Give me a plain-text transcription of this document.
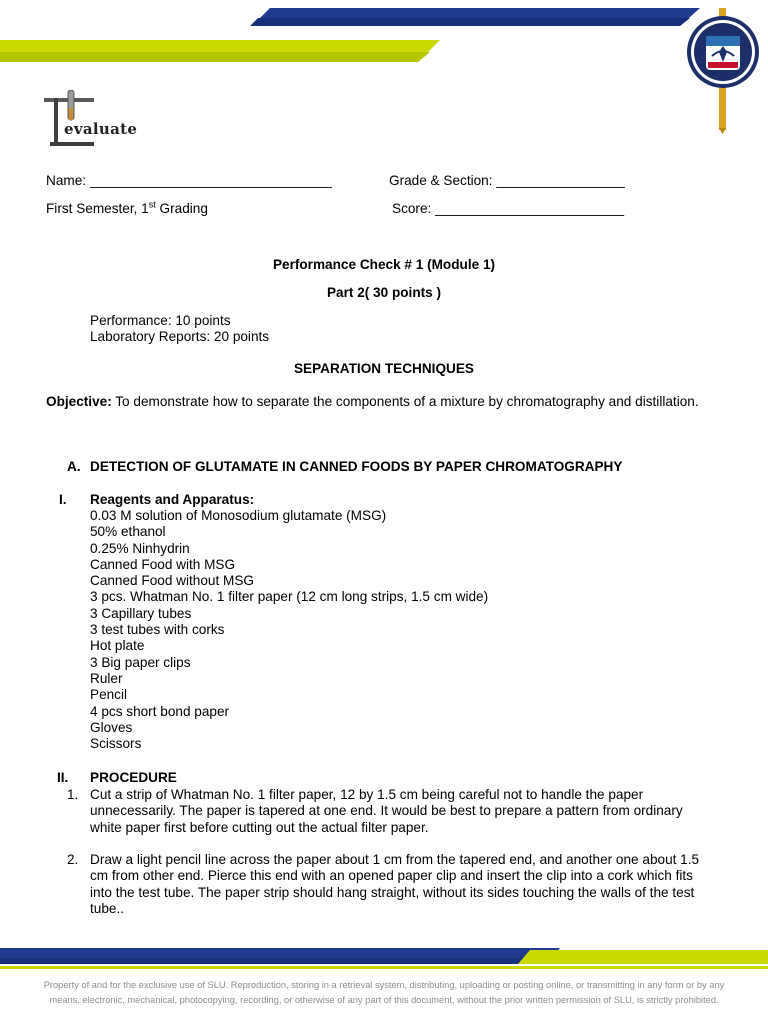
evaluate
Name: ________________________________	Grade & Section: _________________
First Semester, 1st Grading	Score: _________________________
Performance Check # 1 (Module 1)
Part 2( 30 points )
Performance: 10 points
Laboratory Reports: 20 points
SEPARATION TECHNIQUES
Objective: To demonstrate how to separate the components of a mixture by chromatography and distillation.
A. DETECTION OF GLUTAMATE IN CANNED FOODS BY PAPER CHROMATOGRAPHY
I. Reagents and Apparatus:
0.03 M solution of Monosodium glutamate (MSG)
50% ethanol
0.25% Ninhydrin
Canned Food with MSG
Canned Food without MSG
3 pcs. Whatman No. 1 filter paper (12 cm long strips, 1.5 cm wide)
3 Capillary tubes
3 test tubes with corks
Hot plate
3 Big paper clips
Ruler
Pencil
4 pcs short bond paper
Gloves
Scissors
II. PROCEDURE
1. Cut a strip of Whatman No. 1 filter paper, 12 by 1.5 cm being careful not to handle the paper
unnecessarily. The paper is tapered at one end. It would be best to prepare a pattern from ordinary
white paper first before cutting out the actual filter paper.
2. Draw a light pencil line across the paper about 1 cm from the tapered end, and another one about 1.5
cm from other end. Pierce this end with an opened paper clip and insert the clip into a cork which fits
into the test tube. The paper strip should hang straight, without its sides touching the walls of the test
tube..
Property of and for the exclusive use of SLU. Reproduction, storing in a retrieval system, distributing, uploading or posting online, or transmitting in any form or by any
means, electronic, mechanical, photocopying, recording, or otherwise of any part of this document, without the prior written permission of SLU, is strictly prohibited.
